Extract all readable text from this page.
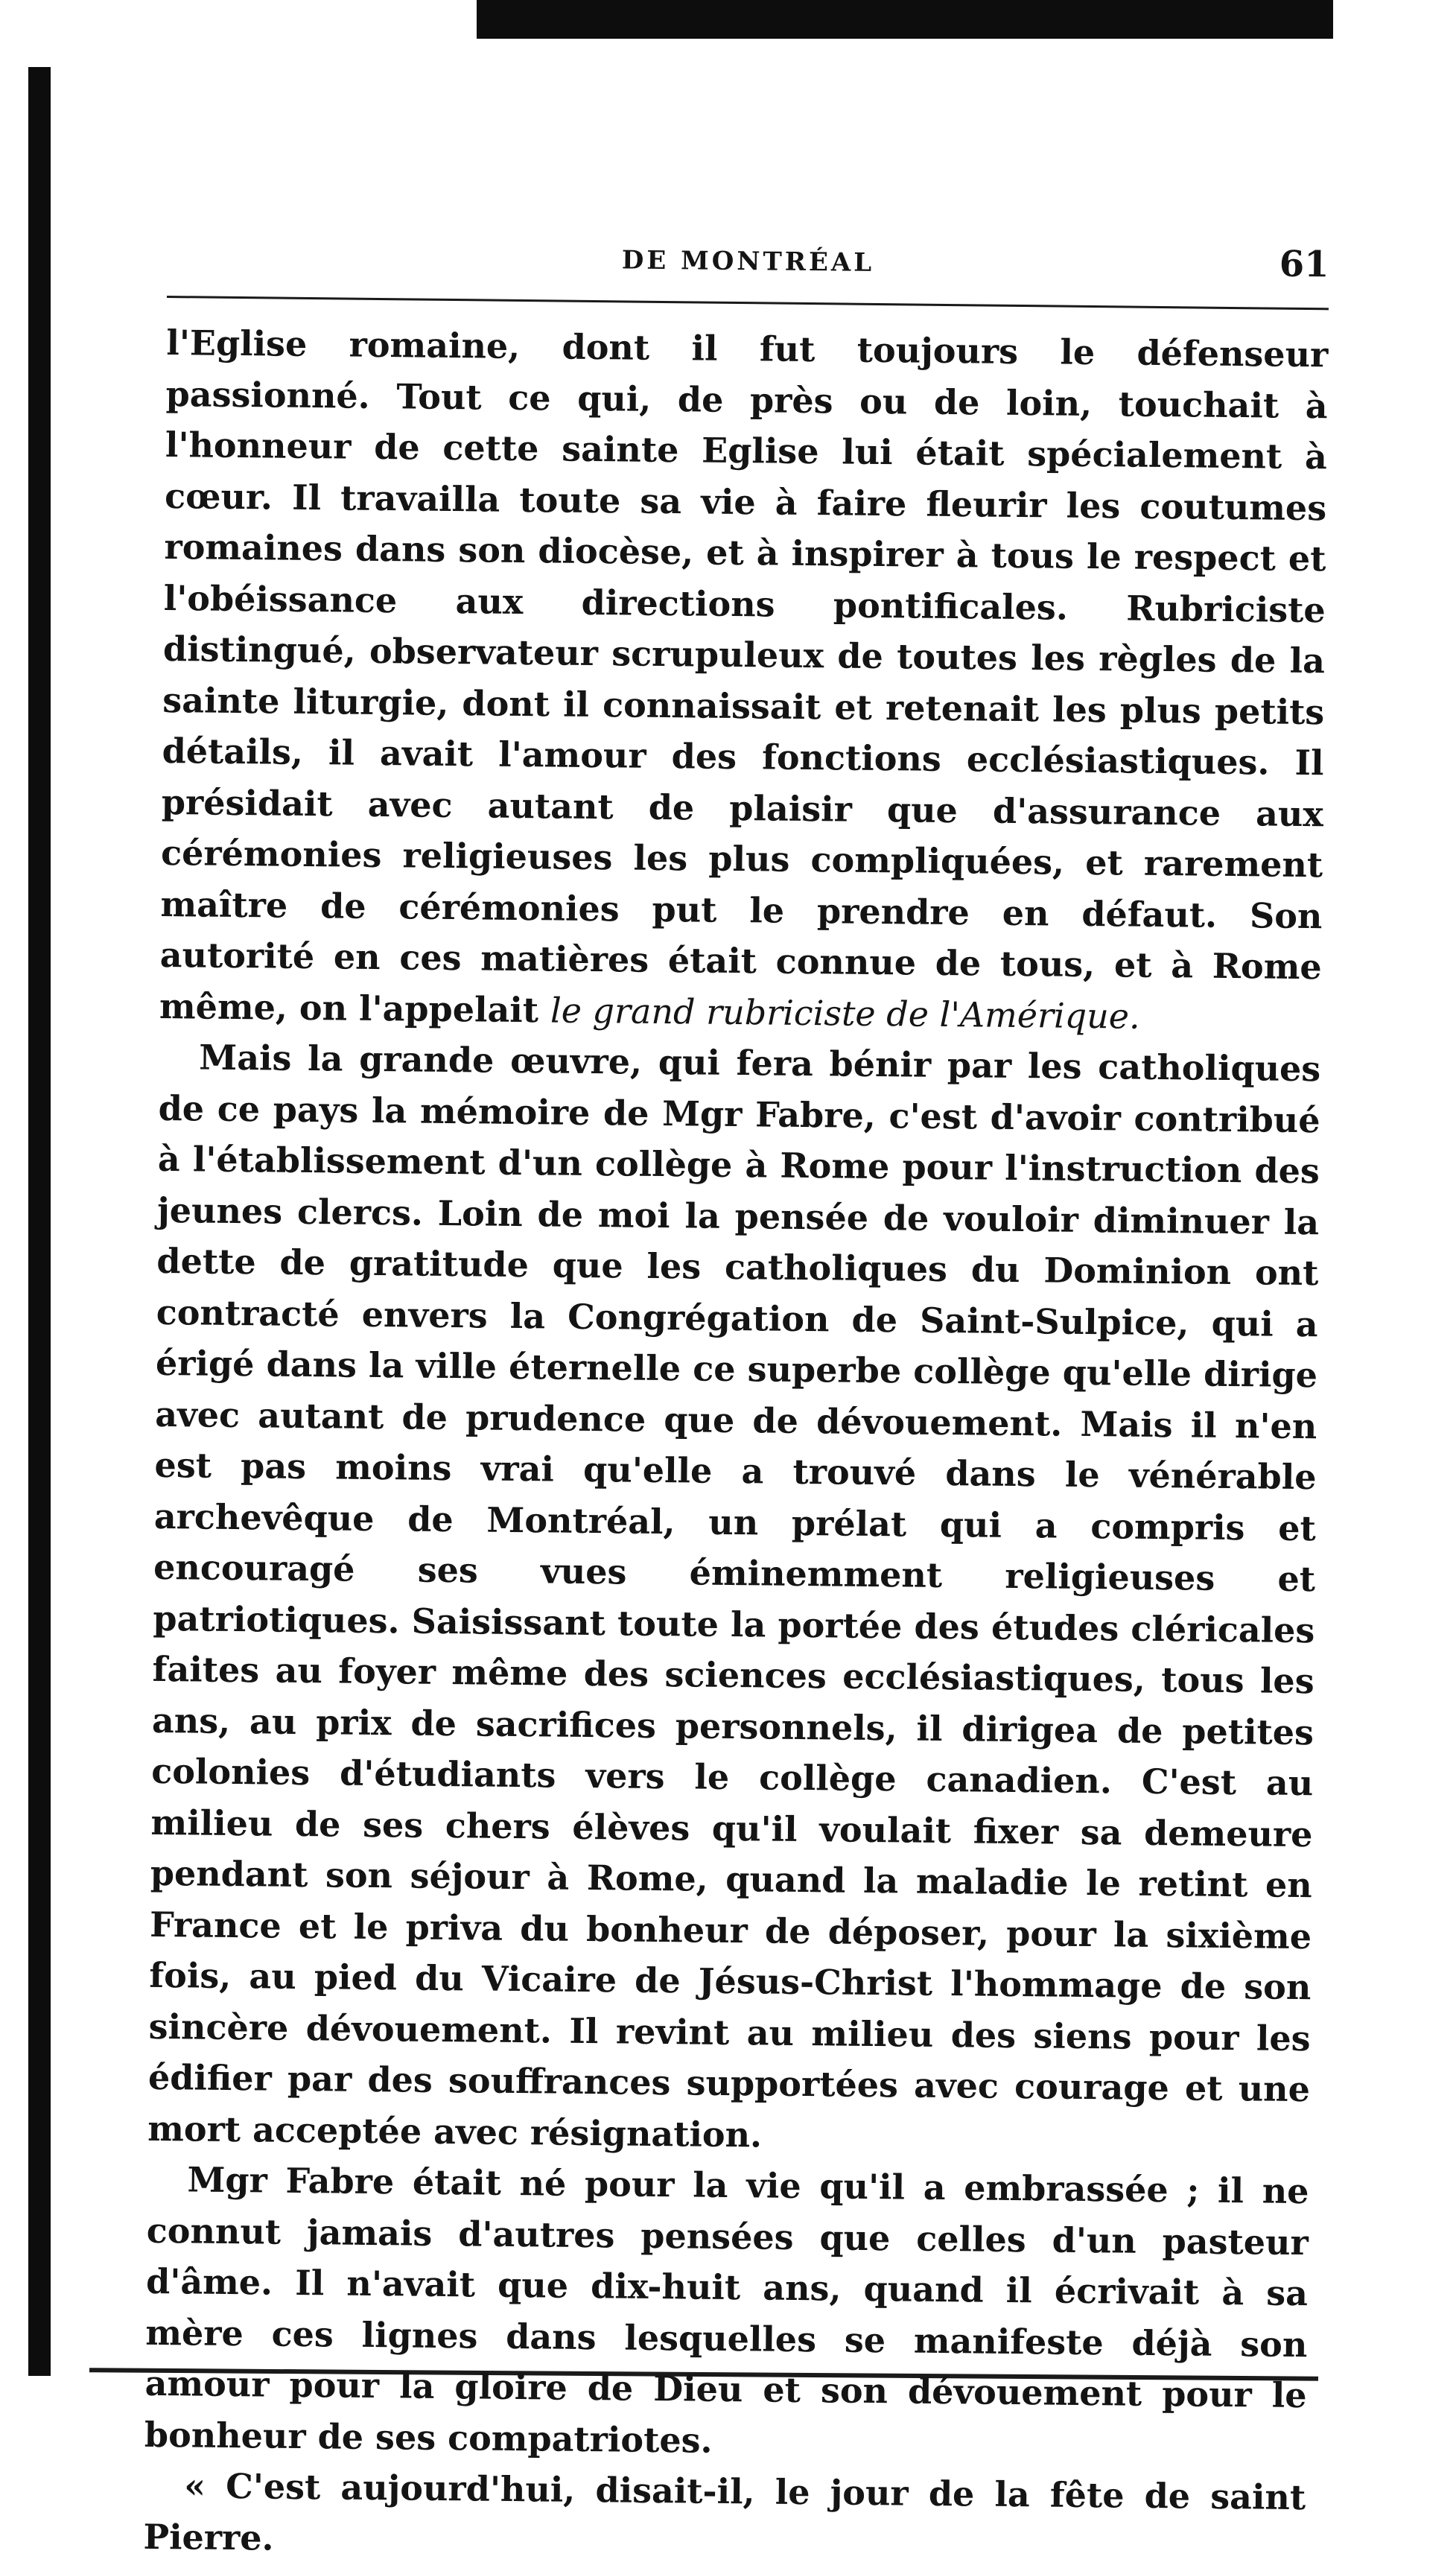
DE MONTRÉAL	61

l'Eglise romaine, dont il fut toujours le défenseur passionné. Tout ce qui, de près ou de loin, touchait à l'honneur de cette sainte Eglise lui était spécialement à cœur. Il travailla toute sa vie à faire fleurir les coutumes romaines dans son diocèse, et à inspirer à tous le respect et l'obéissance aux directions pontificales. Rubriciste distingué, observateur scrupuleux de toutes les règles de la sainte liturgie, dont il connaissait et retenait les plus petits détails, il avait l'amour des fonctions ecclésiastiques. Il présidait avec autant de plaisir que d'assurance aux cérémonies religieuses les plus compliquées, et rarement maître de cérémonies put le prendre en défaut. Son autorité en ces matières était connue de tous, et à Rome même, on l'appelait le grand rubriciste de l'Amérique.

Mais la grande œuvre, qui fera bénir par les catholiques de ce pays la mémoire de Mgr Fabre, c'est d'avoir contribué à l'établissement d'un collège à Rome pour l'instruction des jeunes clercs. Loin de moi la pensée de vouloir diminuer la dette de gratitude que les catholiques du Dominion ont contracté envers la Congrégation de Saint-Sulpice, qui a érigé dans la ville éternelle ce superbe collège qu'elle dirige avec autant de prudence que de dévouement. Mais il n'en est pas moins vrai qu'elle a trouvé dans le vénérable archevêque de Montréal, un prélat qui a compris et encouragé ses vues éminemment religieuses et patriotiques. Saisissant toute la portée des études cléricales faites au foyer même des sciences ecclésiastiques, tous les ans, au prix de sacrifices personnels, il dirigea de petites colonies d'étudiants vers le collège canadien. C'est au milieu de ses chers élèves qu'il voulait fixer sa demeure pendant son séjour à Rome, quand la maladie le retint en France et le priva du bonheur de déposer, pour la sixième fois, au pied du Vicaire de Jésus-Christ l'hommage de son sincère dévouement. Il revint au milieu des siens pour les édifier par des souffrances supportées avec courage et une mort acceptée avec résignation.

Mgr Fabre était né pour la vie qu'il a embrassée ; il ne connut jamais d'autres pensées que celles d'un pasteur d'âme. Il n'avait que dix-huit ans, quand il écrivait à sa mère ces lignes dans lesquelles se manifeste déjà son amour pour la gloire de Dieu et son dévouement pour le bonheur de ses compatriotes.

« C'est aujourd'hui, disait-il, le jour de la fête de saint Pierre.
